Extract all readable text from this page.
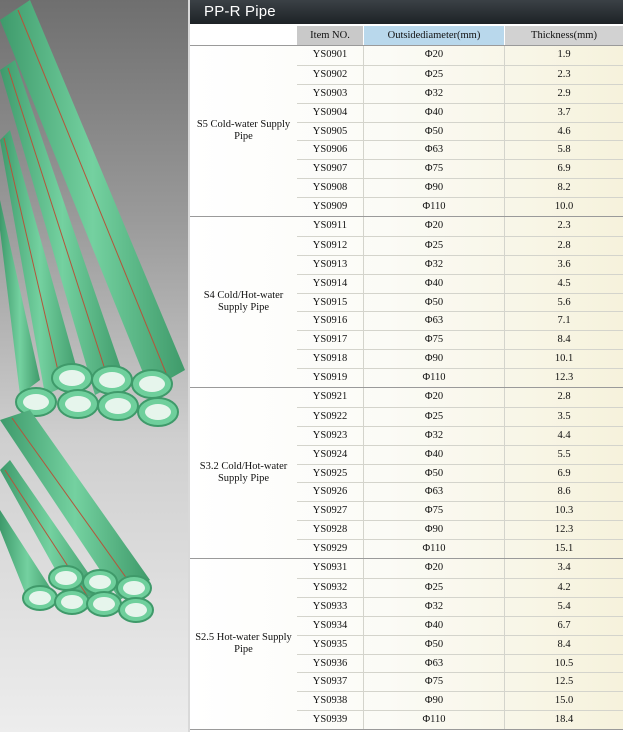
PP-R Pipe
Item NO.	Outsidediameter(mm)	Thickness(mm)
S5 Cold-water Supply Pipe
YS0901	Φ20	1.9
YS0902	Φ25	2.3
YS0903	Φ32	2.9
YS0904	Φ40	3.7
YS0905	Φ50	4.6
YS0906	Φ63	5.8
YS0907	Φ75	6.9
YS0908	Φ90	8.2
YS0909	Φ110	10.0
S4 Cold/Hot-water Supply Pipe
YS0911	Φ20	2.3
YS0912	Φ25	2.8
YS0913	Φ32	3.6
YS0914	Φ40	4.5
YS0915	Φ50	5.6
YS0916	Φ63	7.1
YS0917	Φ75	8.4
YS0918	Φ90	10.1
YS0919	Φ110	12.3
S3.2 Cold/Hot-water Supply Pipe
YS0921	Φ20	2.8
YS0922	Φ25	3.5
YS0923	Φ32	4.4
YS0924	Φ40	5.5
YS0925	Φ50	6.9
YS0926	Φ63	8.6
YS0927	Φ75	10.3
YS0928	Φ90	12.3
YS0929	Φ110	15.1
S2.5 Hot-water Supply Pipe
YS0931	Φ20	3.4
YS0932	Φ25	4.2
YS0933	Φ32	5.4
YS0934	Φ40	6.7
YS0935	Φ50	8.4
YS0936	Φ63	10.5
YS0937	Φ75	12.5
YS0938	Φ90	15.0
YS0939	Φ110	18.4
